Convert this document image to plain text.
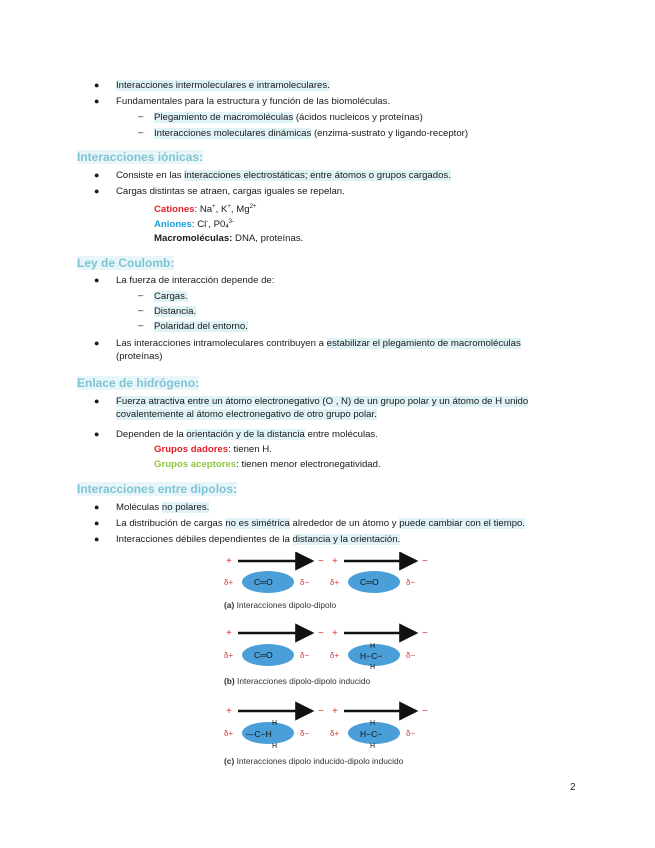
● Interacciones intermoleculares e intramoleculares.
● Fundamentales para la estructura y función de las biomoléculas.
– Plegamiento de macromoléculas (ácidos nucleicos y proteínas)
– Interacciones moleculares dinámicas (enzima-sustrato y ligando-receptor)
Interacciones iónicas:
● Consiste en las interacciones electrostáticas; entre átomos o grupos cargados.
● Cargas distintas se atraen, cargas iguales se repelan.
Cationes: Na+, K+, $Mg^{2+}$
Aniones: Cl-, $P0_4^{3-}$
Macromoléculas: DNA, proteínas.
Ley de Coulomb:
● La fuerza de interacción depende de:
– Cargas.
– Distancia.
– Polaridad del entorno.
● Las interacciones intramoleculares contribuyen a estabilizar el plegamiento de macromoléculas
(proteínas)
Enlace de hidrógeno:
● Fuerza atractiva entre un átomo electronegativo (O , N) de un grupo polar y un átomo de H unido covalentemente al átomo electronegativo de otro grupo polar.
● Dependen de la orientación y de la distancia entre moléculas.
Grupos dadores: tienen H.
Grupos aceptores: tienen menor electronegatividad.
Interacciones entre dipolos:
● Moléculas no polares.
● La distribución de cargas no es simétrica alrededor de un átomo y puede cambiar con el tiempo.
● Interacciones débiles dependientes de la distancia y la orientación.
+	−
δ+ C═O	δ−
+	−
δ+ C═O	δ−
(a) Interacciones dipolo-dipolo
+	−
δ+ C═O	δ−
+	−
δ+ H−C−
H
H
δ−
(b) Interacciones dipolo-dipolo inducido
+	−
δ+ —C−H
H
H
δ−
+	−
δ+ H−C−
H
H
δ−
(c) Interacciones dipolo inducido-dipolo inducido
2
